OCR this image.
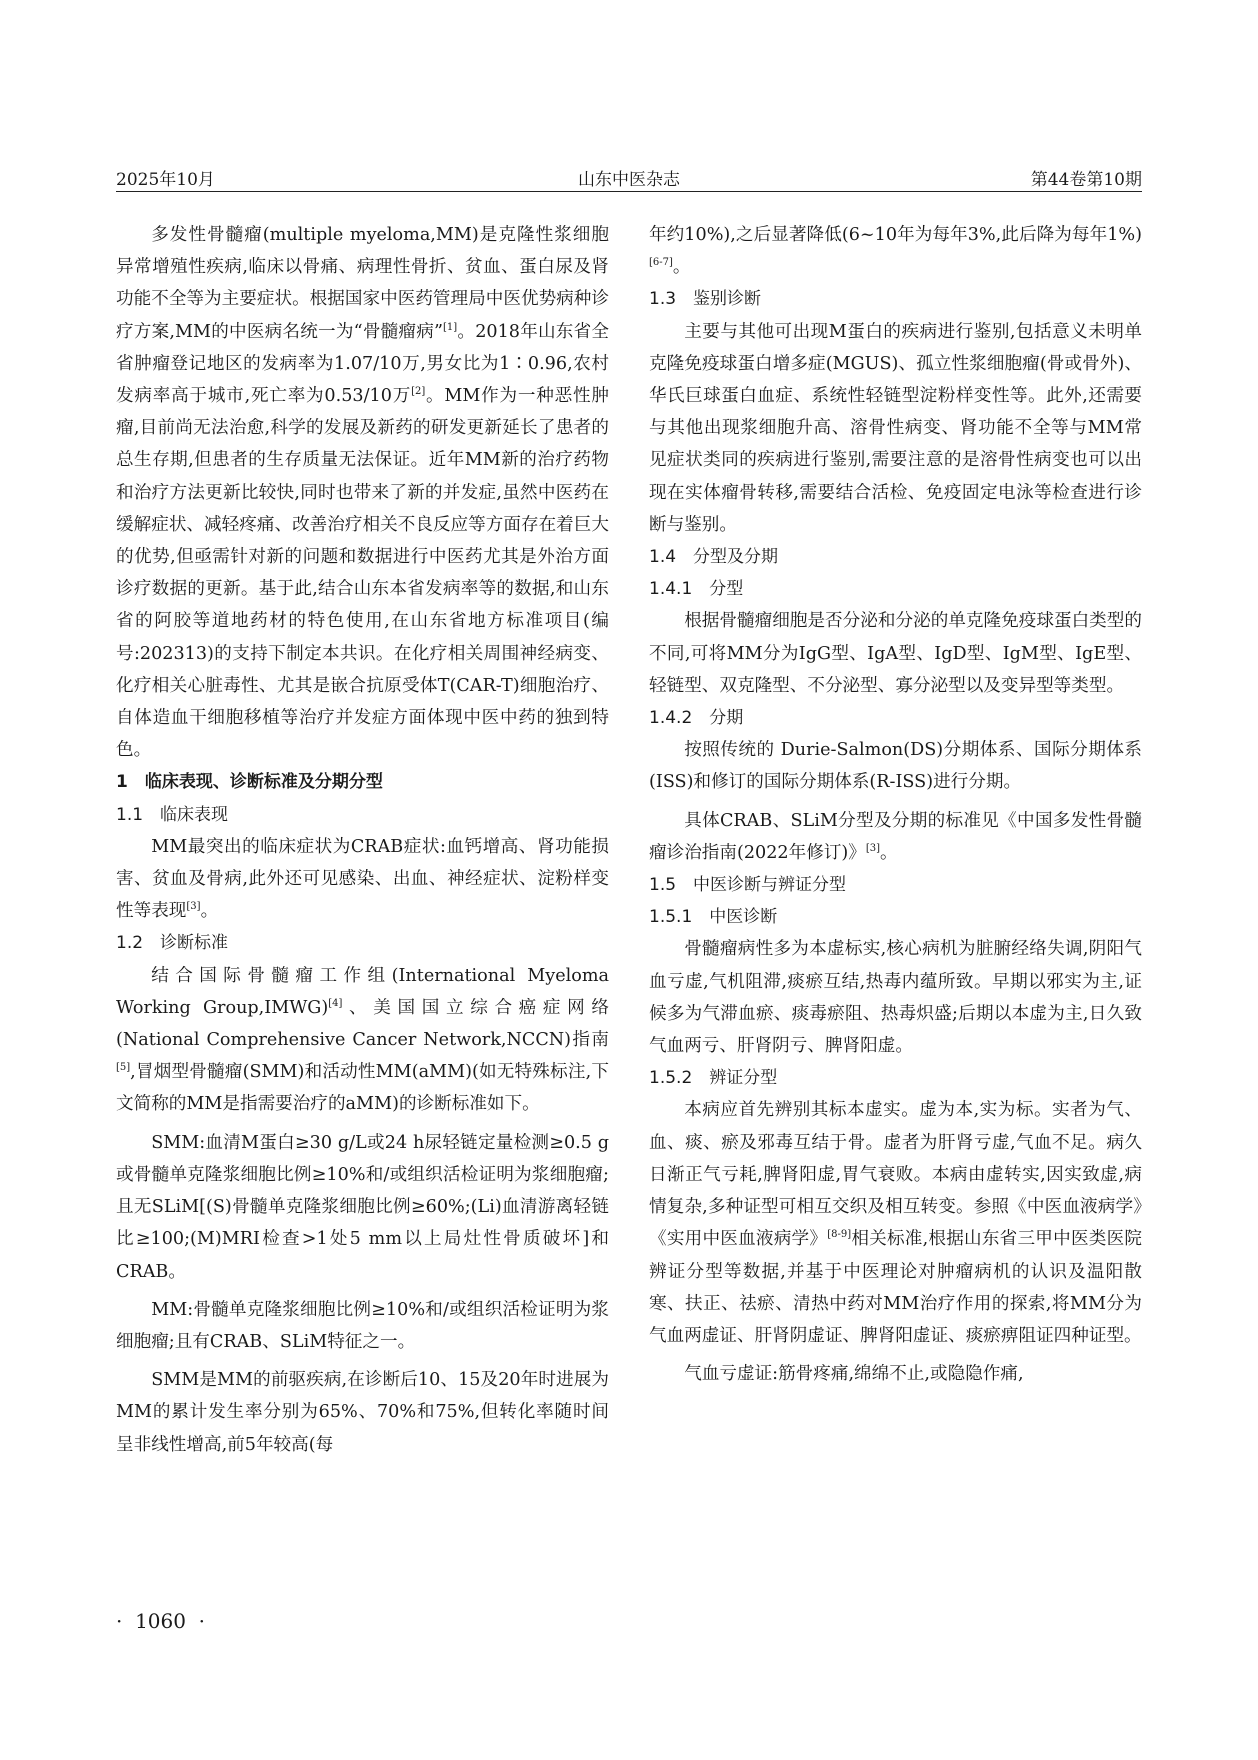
2025年10月	山东中医杂志	第44卷第10期

多发性骨髓瘤(multiple myeloma,MM)是克隆性浆细胞异常增殖性疾病,临床以骨痛、病理性骨折、贫血、蛋白尿及肾功能不全等为主要症状。根据国家中医药管理局中医优势病种诊疗方案,MM的中医病名统一为“骨髓瘤病”[1]。2018年山东省全省肿瘤登记地区的发病率为1.07/10万,男女比为1∶0.96,农村发病率高于城市,死亡率为0.53/10万[2]。MM作为一种恶性肿瘤,目前尚无法治愈,科学的发展及新药的研发更新延长了患者的总生存期,但患者的生存质量无法保证。近年MM新的治疗药物和治疗方法更新比较快,同时也带来了新的并发症,虽然中医药在缓解症状、减轻疼痛、改善治疗相关不良反应等方面存在着巨大的优势,但亟需针对新的问题和数据进行中医药尤其是外治方面诊疗数据的更新。基于此,结合山东本省发病率等的数据,和山东省的阿胶等道地药材的特色使用,在山东省地方标准项目(编号:202313)的支持下制定本共识。在化疗相关周围神经病变、化疗相关心脏毒性、尤其是嵌合抗原受体T(CAR-T)细胞治疗、自体造血干细胞移植等治疗并发症方面体现中医中药的独到特色。

1　临床表现、诊断标准及分期分型
1.1　临床表现

MM最突出的临床症状为CRAB症状:血钙增高、肾功能损害、贫血及骨病,此外还可见感染、出血、神经症状、淀粉样变性等表现[3]。

1.2　诊断标准

结合国际骨髓瘤工作组(International Myeloma Working Group,IMWG)[4]、美国国立综合癌症网络(National Comprehensive Cancer Network,NCCN)指南[5],冒烟型骨髓瘤(SMM)和活动性MM(aMM)(如无特殊标注,下文简称的MM是指需要治疗的aMM)的诊断标准如下。

SMM:血清M蛋白≥30 g/L或24 h尿轻链定量检测≥0.5 g或骨髓单克隆浆细胞比例≥10%和/或组织活检证明为浆细胞瘤;且无SLiM[(S)骨髓单克隆浆细胞比例≥60%;(Li)血清游离轻链比≥100;(M)MRI检查>1处5 mm以上局灶性骨质破坏]和CRAB。

MM:骨髓单克隆浆细胞比例≥10%和/或组织活检证明为浆细胞瘤;且有CRAB、SLiM特征之一。

SMM是MM的前驱疾病,在诊断后10、15及20年时进展为MM的累计发生率分别为65%、70%和75%,但转化率随时间呈非线性增高,前5年较高(每

年约10%),之后显著降低(6~10年为每年3%,此后降为每年1%)[6-7]。

1.3　鉴别诊断

主要与其他可出现M蛋白的疾病进行鉴别,包括意义未明单克隆免疫球蛋白增多症(MGUS)、孤立性浆细胞瘤(骨或骨外)、华氏巨球蛋白血症、系统性轻链型淀粉样变性等。此外,还需要与其他出现浆细胞升高、溶骨性病变、肾功能不全等与MM常见症状类同的疾病进行鉴别,需要注意的是溶骨性病变也可以出现在实体瘤骨转移,需要结合活检、免疫固定电泳等检查进行诊断与鉴别。

1.4　分型及分期
1.4.1　分型

根据骨髓瘤细胞是否分泌和分泌的单克隆免疫球蛋白类型的不同,可将MM分为IgG型、IgA型、IgD型、IgM型、IgE型、轻链型、双克隆型、不分泌型、寡分泌型以及变异型等类型。

1.4.2　分期

按照传统的 Durie-Salmon(DS)分期体系、国际分期体系(ISS)和修订的国际分期体系(R-ISS)进行分期。

具体CRAB、SLiM分型及分期的标准见《中国多发性骨髓瘤诊治指南(2022年修订)》[3]。

1.5　中医诊断与辨证分型
1.5.1　中医诊断

骨髓瘤病性多为本虚标实,核心病机为脏腑经络失调,阴阳气血亏虚,气机阻滞,痰瘀互结,热毒内蕴所致。早期以邪实为主,证候多为气滞血瘀、痰毒瘀阻、热毒炽盛;后期以本虚为主,日久致气血两亏、肝肾阴亏、脾肾阳虚。

1.5.2　辨证分型

本病应首先辨别其标本虚实。虚为本,实为标。实者为气、血、痰、瘀及邪毒互结于骨。虚者为肝肾亏虚,气血不足。病久日渐正气亏耗,脾肾阳虚,胃气衰败。本病由虚转实,因实致虚,病情复杂,多种证型可相互交织及相互转变。参照《中医血液病学》《实用中医血液病学》[8-9]相关标准,根据山东省三甲中医类医院辨证分型等数据,并基于中医理论对肿瘤病机的认识及温阳散寒、扶正、祛瘀、清热中药对MM治疗作用的探索,将MM分为气血两虚证、肝肾阴虚证、脾肾阳虚证、痰瘀痹阻证四种证型。

气血亏虚证:筋骨疼痛,绵绵不止,或隐隐作痛,

·  1060  ·
